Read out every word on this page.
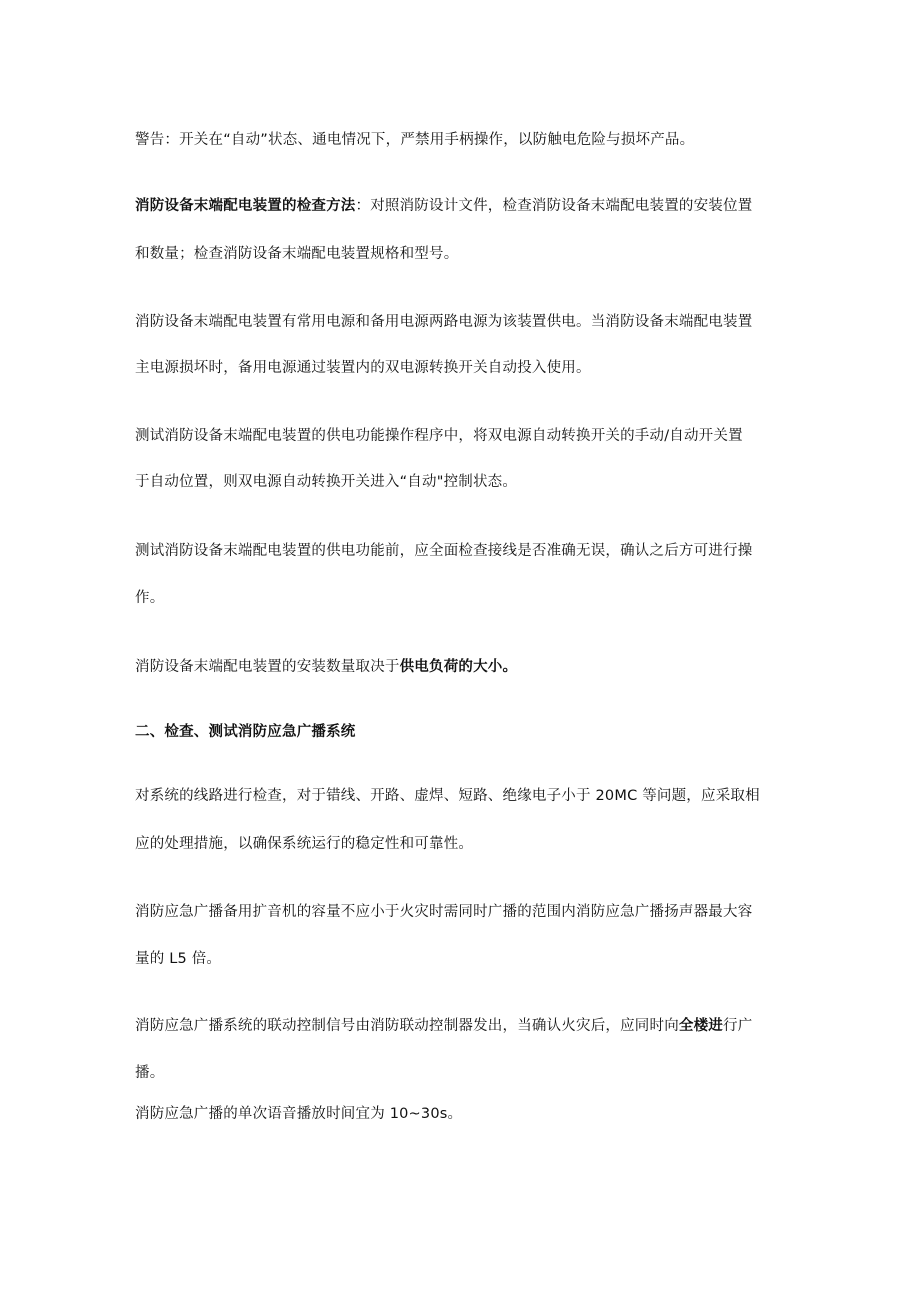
警告：开关在“自动”状态、通电情况下，严禁用手柄操作，以防触电危险与损坏产品。
消防设备末端配电装置的检查方法：对照消防设计文件，检查消防设备末端配电装置的安装位置
和数量；检查消防设备末端配电装置规格和型号。
消防设备末端配电装置有常用电源和备用电源两路电源为该装置供电。当消防设备末端配电装置
主电源损坏时，备用电源通过装置内的双电源转换开关自动投入使用。
测试消防设备末端配电装置的供电功能操作程序中，将双电源自动转换开关的手动/自动开关置
于自动位置，则双电源自动转换开关进入“自动"控制状态。
测试消防设备末端配电装置的供电功能前，应全面检查接线是否准确无误，确认之后方可进行操
作。
消防设备末端配电装置的安装数量取决于供电负荷的大小。
二、检查、测试消防应急广播系统
对系统的线路进行检查，对于错线、开路、虚焊、短路、绝缘电子小于 20MC 等问题，应采取相
应的处理措施，以确保系统运行的稳定性和可靠性。
消防应急广播备用扩音机的容量不应小于火灾时需同时广播的范围内消防应急广播扬声器最大容
量的 L5 倍。
消防应急广播系统的联动控制信号由消防联动控制器发出，当确认火灾后，应同时向全楼进行广
播。
消防应急广播的单次语音播放时间宜为 10~30s。
